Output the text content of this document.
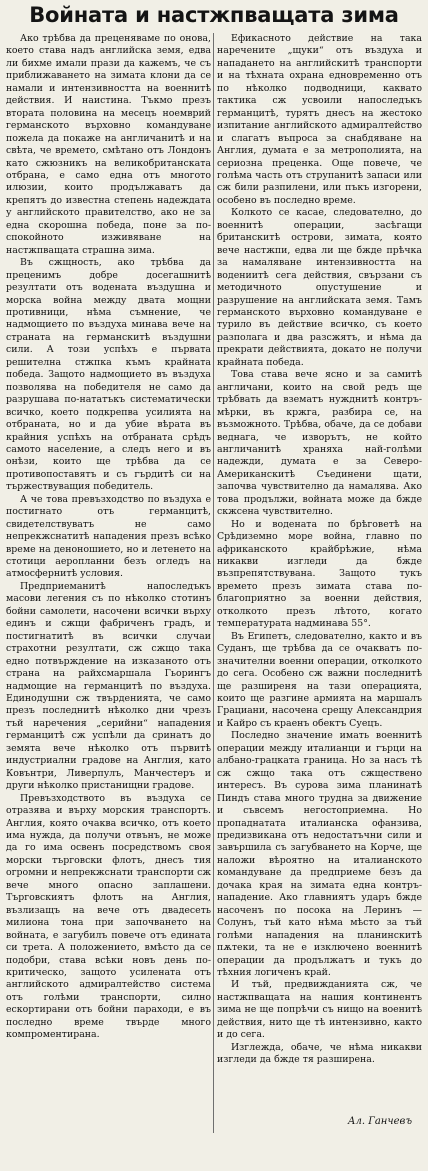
Войната и настжпващата зима

Ако трѣбва да преценяваме по онова, което става надъ английска земя, едва ли бихме имали прази да кажемъ, че съ приближаването на зимата клони да се намали и интензивността на военнитѣ действия. И наистина. Тъкмо презъ втората половина на месецъ ноемврий германското върховно командуване пожела да покаже на англичанитѣ и на свѣта, че времето, смѣтано отъ Лондонъ като сжюзникъ на великобританската отбрана, е само една отъ многото илюзии, които продължаватъ да крепятъ до известна степень надеждата у английското правителство, ако не за една скорошна победа, поне за по-спокойното изживяване на настжпващата страшна зима.

Въ сжщность, ако трѣбва да преценимъ добре досегашнитѣ резултати отъ водената въздушна и морска война между двата мощни противници, нѣма съмнение, че надмощието по въздуха минава вече на страната на германскитѣ въздушни сили. А този успѣхъ е първата решителна стжпка къмъ крайната победа. Защото надмощието въ въздуха позволява на победителя не само да разрушава по-нататъкъ систематически всичко, което подкрепва усилията на отбраната, но и да убие вѣрата въ крайния успѣхъ на отбраната срѣдъ самото население, а следъ него и въ онѣзи, които ще трѣбва да се противопоставятъ и съ гърдитѣ си на тържествуващия победитель.

А че това превъзходство по въздуха е постигнато отъ германцитѣ, свидетелствуватъ не само непрекжснатитѣ нападения презъ всѣко време на деноношието, но и летенето на стотици аеропланни безъ огледъ на атмосфернитѣ условия.

Предприеманитѣ напоследъкъ масови легения съ по нѣколко стотинъ бойни самолети, насочени всички върху единъ и сжщи фабриченъ градъ, и постигнатитѣ въ всички случаи страхотни резултати, сж сжщо така едно потвърждение на изказаното отъ страна на райхсмаршала Гьорингъ надмощие на германцитѣ по въздуха. Единодушни сж твърденията, че само презъ последнитѣ нѣколко дни чрезъ тъй наречения „серийни“ нападения германцитѣ сж успѣли да сринатъ до земята вече нѣколко отъ първитѣ индустриални градове на Англия, като Ковънтри, Ливерпулъ, Манчестеръ и други нѣколко пристанищни градове.

Превъзходството въ въздуха се отразява и върху морския транспортъ. Англия, която очаква всичко, отъ което има нужда, да получи отвънъ, не може да го има освенъ посредствомъ своя морски търговски флотъ, днесъ тия огромни и непрекжснати транспорти сж вече много опасно заплашени. Търговскиятъ флотъ на Англия, възлизащъ на вече отъ двадесеть милиона тона при започването на войната, е загубилъ повече отъ едината си трета. А положението, вмѣсто да се подобри, става всѣки новъ день по-критическо, защото усилената отъ английското адмиралтейство система отъ голѣми транспорти, силно ескортирани отъ бойни параходи, е въ последно време твърде много компроментирана.

Ефикасното действие на така наречените „щуки“ отъ въздуха и нападането на английскитѣ транспорти и на тѣхната охрана едновременно отъ по нѣколко подводници, каквато тактика сж усвоили напоследъкъ германцитѣ, турятъ днесъ на жестоко изпитание английското адмиралтейство и слагатъ въпроса за снабдяване на Англия, думата е за метрополията, на сериозна преценка. Още повече, че голѣма часть отъ струпанитѣ запаси или сж били разпилени, или пъкъ изгорени, особено въ последно време.

Колкото се касае, следователно, до военнитѣ операции, засѣгащи британскитѣ острови, зимата, която вече настжпи, едва ли ще бжде прѣчка за намаляване интензивността на водениитѣ сега действия, свързани съ методичното опустушение и разрушение на английската земя. Тамъ германското върховно командуване е турило въ действие всичко, съ което разполага и два разсжятъ, и нѣма да прекрати действията, докато не получи крайната победа.

Това става вече ясно и за самитѣ англичани, които на свой редъ ще трѣбвать да взематъ нужднитѣ контръ-мѣрки, въ кржга, разбира се, на възможното. Трѣбва, обаче, да се добави веднага, че изворътъ, не който англичанитѣ храняха най-голѣми надежди, думата е за Северо-Американскитѣ Съединени щати, започва чувствително да намалява. Ако това продължи, войната може да бжде скжсена чувствително.

Но и водената по брѣговетѣ на Срѣдиземно море война, главно по африканското крайбрѣжие, нѣма никакви изгледи да бжде възпрепятствувана. Защото тукъ времето презъ зимата става по-благоприятно за военни действия, отколкото презъ лѣтото, когато температурата надминава 55°.

Въ Египетъ, следователно, както и въ Суданъ, ще трѣбва да се очакватъ по-значителни военни операции, отколкото до сега. Особено сж важни последнитѣ ще разширеня на тази операцията, които ще разгине армията на маршалъ Грациани, насочена срещу Александрия и Кайро съ краенъ обектъ Суецъ.

Последно значение имать военнитѣ операции между италианци и гърци на албано-грацката граница. Но за насъ тѣ сж сжщо така отъ сжществено интересъ. Въ сурова зима планинатѣ Пиндъ става много трудна за движение и съвсемъ негостоприемна. Но пропаднатата италианска офанзива, предизвикана отъ недостатъчни сили и завършила съ загубването на Корче, ще наложи вѣроятно на италианското командуване да предприеме безъ да дочака края на зимата една контръ-нападение. Ако главниятъ ударъ бжде насоченъ по посока на Леринъ — Солунъ, тъй като нѣма мѣсто за тъй голѣми нападения на планинскитѣ пѫтеки, та не е изключено военнитѣ операции да продължатъ и тукъ до тѣхния логиченъ край.

И тъй, предвижданията сж, че настжпващата на нашия континентъ зима не ще попрѣчи съ нищо на военитѣ действия, нито ще тѣ интензивно, както и до сега.

Изглежда, обаче, че нѣма никакви изгледи да бжде тя разширена.

Ал. Ганчевъ
